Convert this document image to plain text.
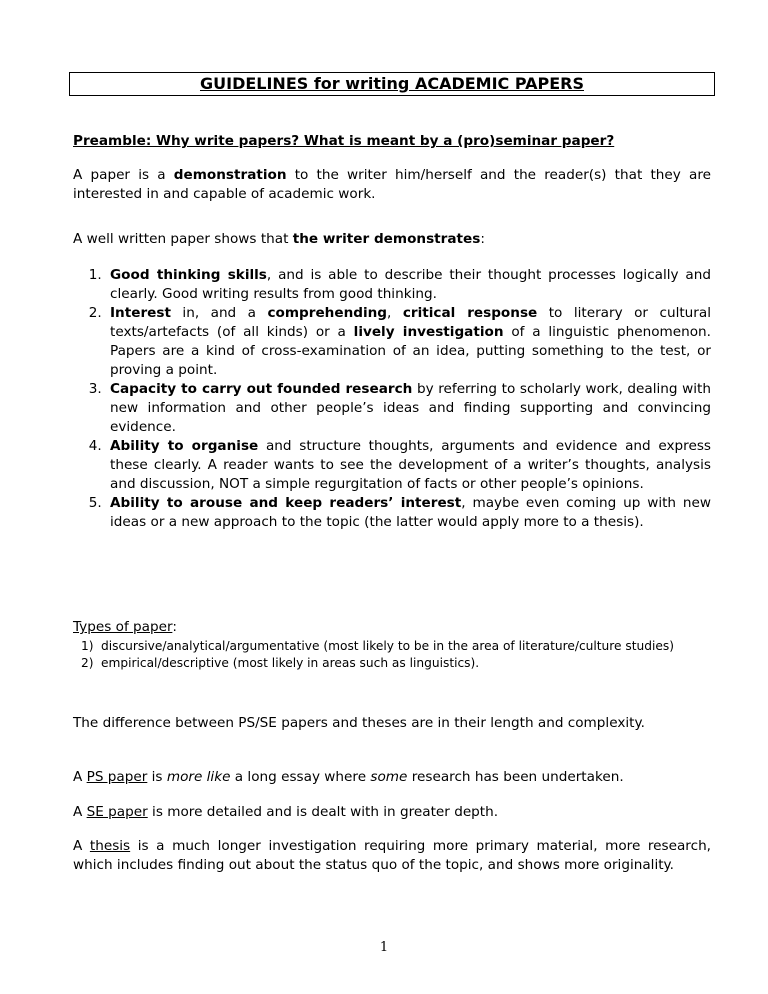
GUIDELINES for writing ACADEMIC PAPERS
Preamble: Why write papers? What is meant by a (pro)seminar paper?
A paper is a demonstration to the writer him/herself and the reader(s) that they are interested in and capable of academic work.
A well written paper shows that the writer demonstrates:
1. Good thinking skills, and is able to describe their thought processes logically and clearly. Good writing results from good thinking.
2. Interest in, and a comprehending, critical response to literary or cultural texts/artefacts (of all kinds) or a lively investigation of a linguistic phenomenon. Papers are a kind of cross-examination of an idea, putting something to the test, or proving a point.
3. Capacity to carry out founded research by referring to scholarly work, dealing with new information and other people’s ideas and finding supporting and convincing evidence.
4. Ability to organise and structure thoughts, arguments and evidence and express these clearly. A reader wants to see the development of a writer’s thoughts, analysis and discussion, NOT a simple regurgitation of facts or other people’s opinions.
5. Ability to arouse and keep readers’ interest, maybe even coming up with new ideas or a new approach to the topic (the latter would apply more to a thesis).
Types of paper:
1) discursive/analytical/argumentative (most likely to be in the area of literature/culture studies)
2) empirical/descriptive (most likely in areas such as linguistics).
The difference between PS/SE papers and theses are in their length and complexity.
A PS paper is more like a long essay where some research has been undertaken.
A SE paper is more detailed and is dealt with in greater depth.
A thesis is a much longer investigation requiring more primary material, more research, which includes finding out about the status quo of the topic, and shows more originality.
1
